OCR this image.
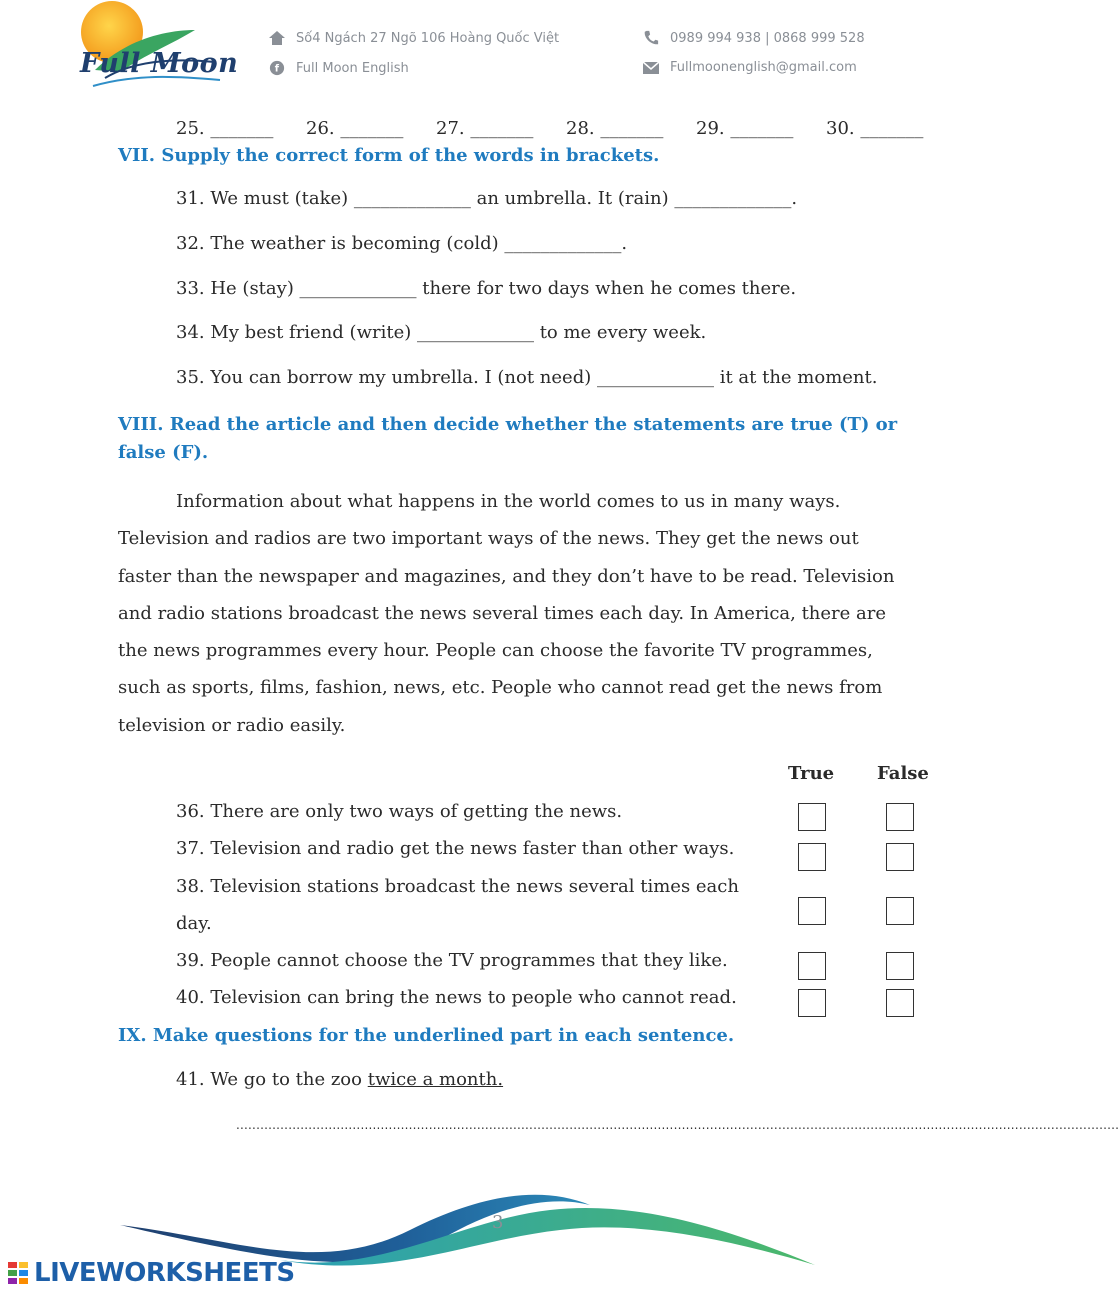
Full Moon
Số4 Ngách 27 Ngõ 106 Hoàng Quốc Việt
f Full Moon English
0989 994 938 | 0868 999 528
Fullmoonenglish@gmail.com
25. _______	26. _______	27. _______	28. _______	29. _______	30. _______
VII. Supply the correct form of the words in brackets.
31. We must (take) _____________ an umbrella. It (rain) _____________.
32. The weather is becoming (cold) _____________.
33. He (stay) _____________ there for two days when he comes there.
34. My best friend (write) _____________ to me every week.
35. You can borrow my umbrella. I (not need) _____________ it at the moment.
VIII. Read the article and then decide whether the statements are true (T) or
false (F).
Information about what happens in the world comes to us in many ways.
Television and radios are two important ways of the news. They get the news out
faster than the newspaper and magazines, and they don’t have to be read. Television
and radio stations broadcast the news several times each day. In America, there are
the news programmes every hour. People can choose the favorite TV programmes,
such as sports, films, fashion, news, etc. People who cannot read get the news from
television or radio easily.
True False
36. There are only two ways of getting the news.
37. Television and radio get the news faster than other ways.
38. Television stations broadcast the news several times each
day.
39. People cannot choose the TV programmes that they like.
40. Television can bring the news to people who cannot read.
IX. Make questions for the underlined part in each sentence.
41. We go to the zoo twice a month.
............................................................................................................................................................................................................................
3
LIVEWORKSHEETS
